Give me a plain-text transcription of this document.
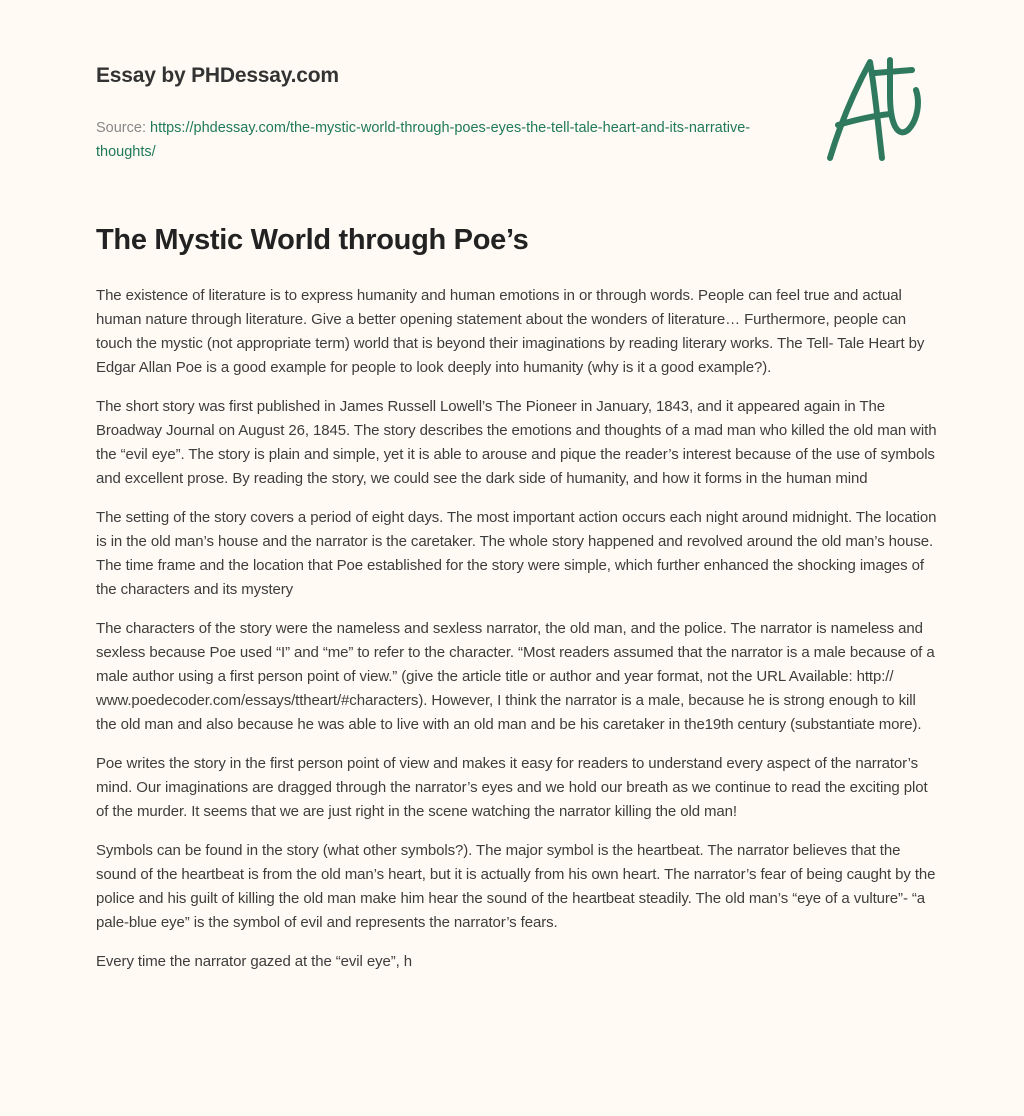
Essay by PHDessay.com
Source: https://phdessay.com/the-mystic-world-through-poes-eyes-the-tell-tale-heart-and-its-narrative-thoughts/
The Mystic World through Poe’s

The existence of literature is to express humanity and human emotions in or through words. People can feel true and actual human nature through literature. Give a better opening statement about the wonders of literature… Furthermore, people can touch the mystic (not appropriate term) world that is beyond their imaginations by reading literary works. The Tell- Tale Heart by Edgar Allan Poe is a good example for people to look deeply into humanity (why is it a good example?).

The short story was first published in James Russell Lowell’s The Pioneer in January, 1843, and it appeared again in The Broadway Journal on August 26, 1845. The story describes the emotions and thoughts of a mad man who killed the old man with the “evil eye”. The story is plain and simple, yet it is able to arouse and pique the reader’s interest because of the use of symbols and excellent prose. By reading the story, we could see the dark side of humanity, and how it forms in the human mind

The setting of the story covers a period of eight days. The most important action occurs each night around midnight. The location is in the old man’s house and the narrator is the caretaker. The whole story happened and revolved around the old man’s house. The time frame and the location that Poe established for the story were simple, which further enhanced the shocking images of the characters and its mystery

The characters of the story were the nameless and sexless narrator, the old man, and the police. The narrator is nameless and sexless because Poe used “I” and “me” to refer to the character. “Most readers assumed that the narrator is a male because of a male author using a first person point of view.” (give the article title or author and year format, not the URL Available: http:// www.poedecoder.com/essays/ttheart/#characters). However, I think the narrator is a male, because he is strong enough to kill the old man and also because he was able to live with an old man and be his caretaker in the19th century (substantiate more).

Poe writes the story in the first person point of view and makes it easy for readers to understand every aspect of the narrator’s mind. Our imaginations are dragged through the narrator’s eyes and we hold our breath as we continue to read the exciting plot of the murder. It seems that we are just right in the scene watching the narrator killing the old man!

Symbols can be found in the story (what other symbols?). The major symbol is the heartbeat. The narrator believes that the sound of the heartbeat is from the old man’s heart, but it is actually from his own heart. The narrator’s fear of being caught by the police and his guilt of killing the old man make him hear the sound of the heartbeat steadily. The old man’s “eye of a vulture”- “a pale-blue eye” is the symbol of evil and represents the narrator’s fears.

Every time the narrator gazed at the “evil eye”, h
